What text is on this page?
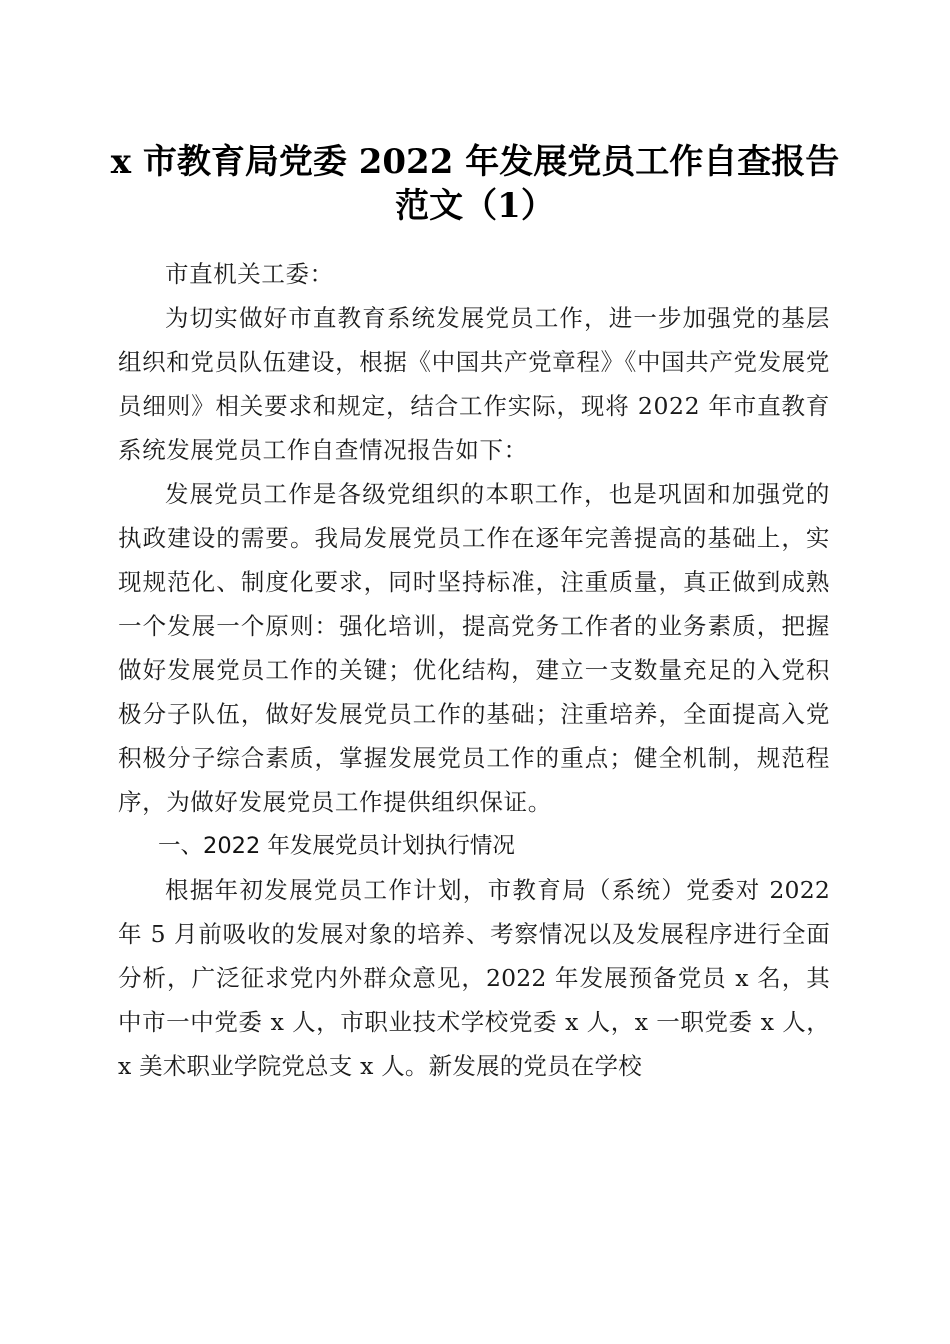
x 市教育局党委 2022 年发展党员工作自查报告
范文（1）

市直机关工委：

为切实做好市直教育系统发展党员工作，进一步加强党的基层组织和党员队伍建设，根据《中国共产党章程》《中国共产党发展党员细则》相关要求和规定，结合工作实际，现将 2022 年市直教育系统发展党员工作自查情况报告如下：

发展党员工作是各级党组织的本职工作，也是巩固和加强党的执政建设的需要。我局发展党员工作在逐年完善提高的基础上，实现规范化、制度化要求，同时坚持标准，注重质量，真正做到成熟一个发展一个原则：强化培训，提高党务工作者的业务素质，把握做好发展党员工作的关键；优化结构，建立一支数量充足的入党积极分子队伍，做好发展党员工作的基础；注重培养，全面提高入党积极分子综合素质，掌握发展党员工作的重点；健全机制，规范程序，为做好发展党员工作提供组织保证。

一、2022 年发展党员计划执行情况

根据年初发展党员工作计划，市教育局（系统）党委对 2022 年 5 月前吸收的发展对象的培养、考察情况以及发展程序进行全面分析，广泛征求党内外群众意见，2022 年发展预备党员 x 名，其中市一中党委 x 人，市职业技术学校党委 x 人，x 一职党委 x 人，x 美术职业学院党总支 x 人。新发展的党员在学校
